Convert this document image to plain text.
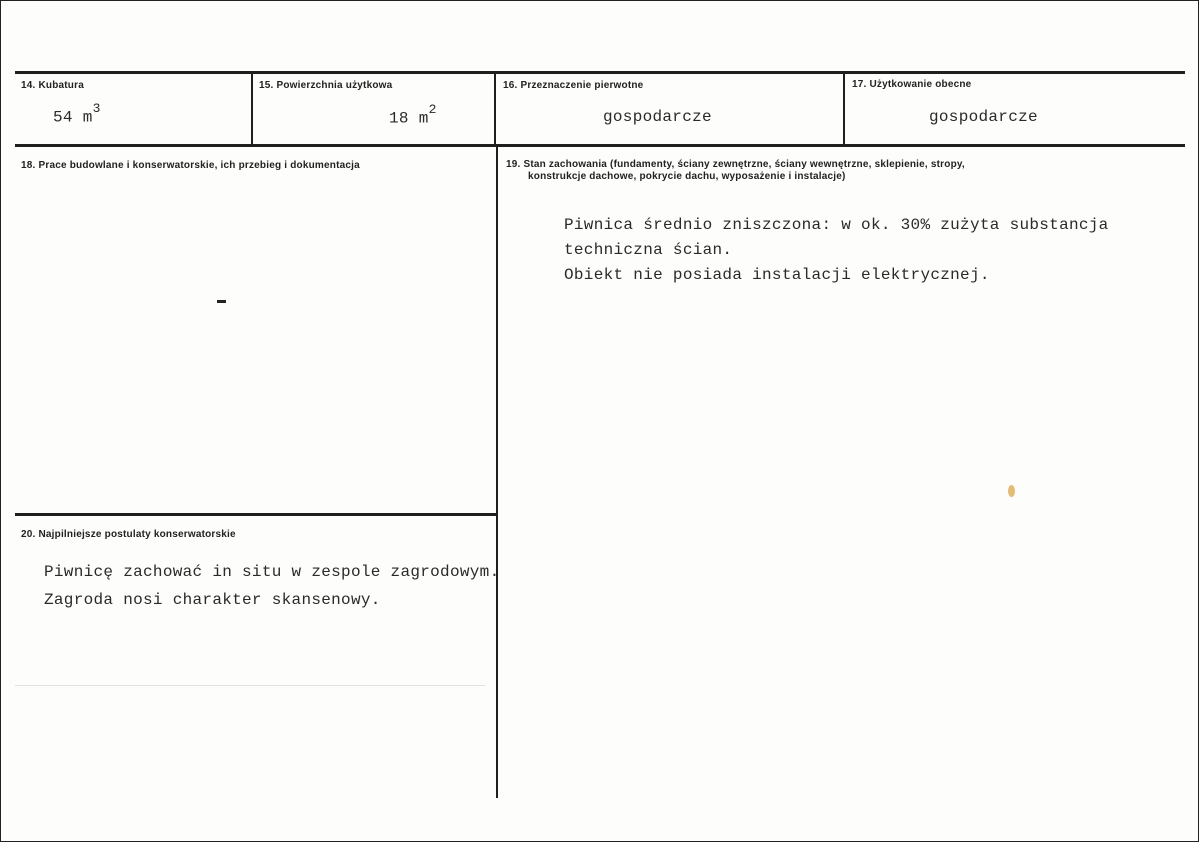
14. Kubatura
54 $m^3$
15. Powierzchnia użytkowa
18 $m^2$
16. Przeznaczenie pierwotne
gospodarcze
17. Użytkowanie obecne
gospodarcze
18. Prace budowlane i konserwatorskie, ich przebieg i dokumentacja	19. Stan zachowania (fundamenty, ściany zewnętrzne, ściany wewnętrzne, sklepienie, stropy,
konstrukcje dachowe, pokrycie dachu, wyposażenie i instalacje)
Piwnica średnio zniszczona: w ok. 30% zużyta substancja
techniczna ścian.
Obiekt nie posiada instalacji elektrycznej.
20. Najpilniejsze postulaty konserwatorskie
Piwnicę zachować in situ w zespole zagrodowym.
Zagroda nosi charakter skansenowy.
